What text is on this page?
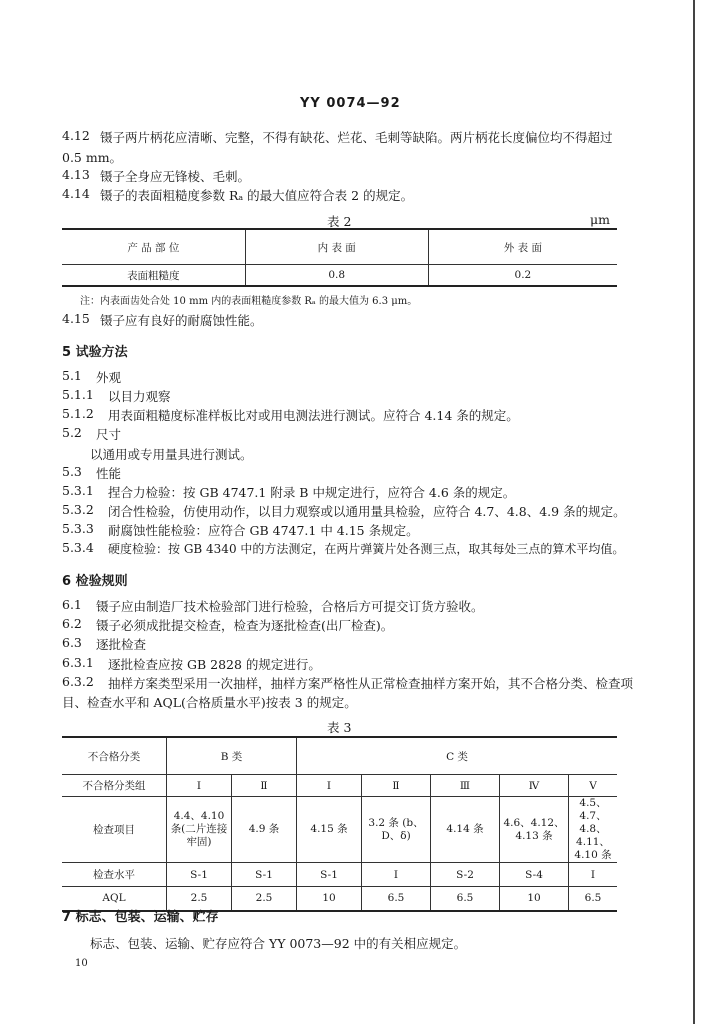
YY 0074—92
4.12 镊子两片柄花应清晰、完整，不得有缺花、烂花、毛刺等缺陷。两片柄花长度偏位均不得超过
0.5 mm。
4.13 镊子全身应无锋棱、毛刺。
4.14 镊子的表面粗糙度参数 Rₐ 的最大值应符合表 2 的规定。
表 2	μm
产 品 部 位	内 表 面	外 表 面
表面粗糙度	0.8	0.2
注：内表面齿处合处 10 mm 内的表面粗糙度参数 Rₐ 的最大值为 6.3 μm。
4.15 镊子应有良好的耐腐蚀性能。
5 试验方法
5.1 外观
5.1.1 以目力观察
5.1.2 用表面粗糙度标准样板比对或用电测法进行测试。应符合 4.14 条的规定。
5.2 尺寸
以通用或专用量具进行测试。
5.3 性能
5.3.1 捏合力检验：按 GB 4747.1 附录 B 中规定进行，应符合 4.6 条的规定。
5.3.2 闭合性检验，仿使用动作，以目力观察或以通用量具检验，应符合 4.7、4.8、4.9 条的规定。
5.3.3 耐腐蚀性能检验：应符合 GB 4747.1 中 4.15 条规定。
5.3.4 硬度检验：按 GB 4340 中的方法测定，在两片弹簧片处各测三点，取其每处三点的算术平均值。
6 检验规则
6.1 镊子应由制造厂技术检验部门进行检验，合格后方可提交订货方验收。
6.2 镊子必须成批提交检查，检查为逐批检查(出厂检查)。
6.3 逐批检查
6.3.1 逐批检查应按 GB 2828 的规定进行。
6.3.2 抽样方案类型采用一次抽样，抽样方案严格性从正常检查抽样方案开始，其不合格分类、检查项
目、检查水平和 AQL(合格质量水平)按表 3 的规定。
表 3
不合格分类	B 类		C 类				
不合格分类组	Ⅰ	Ⅱ	Ⅰ	Ⅱ	Ⅲ	Ⅳ	Ⅴ
检查项目	4.4、4.10 条(二片连接牢固)	4.9 条	4.15 条	3.2 条 (b、D、δ)	4.14 条	4.6、4.12、4.13 条	4.5、4.7、4.8、4.11、4.10 条
检查水平	S-1	S-1	S-1	Ⅰ	S-2	S-4	Ⅰ
AQL	2.5	2.5	10	6.5	6.5	10	6.5
7 标志、包装、运输、贮存
标志、包装、运输、贮存应符合 YY 0073—92 中的有关相应规定。
10
